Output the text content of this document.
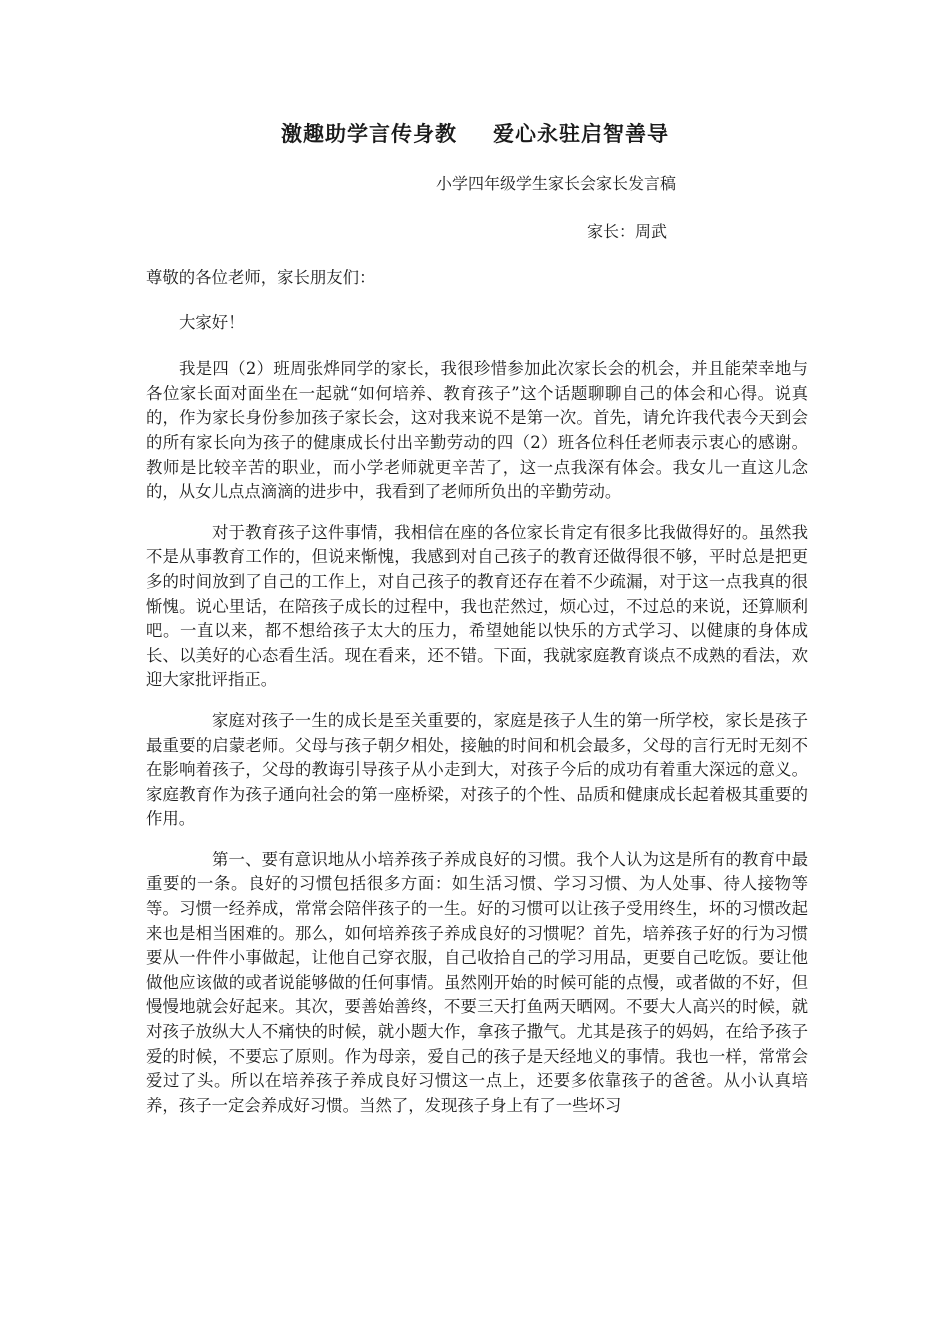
激趣助学言传身教 爱心永驻启智善导

小学四年级学生家长会家长发言稿

家长：周武

尊敬的各位老师，家长朋友们：

大家好！

我是四（2）班周张烨同学的家长，我很珍惜参加此次家长会的机会，并且能荣幸地与各位家长面对面坐在一起就“如何培养、教育孩子”这个话题聊聊自己的体会和心得。说真的，作为家长身份参加孩子家长会，这对我来说不是第一次。首先，请允许我代表今天到会的所有家长向为孩子的健康成长付出辛勤劳动的四（2）班各位科任老师表示衷心的感谢。教师是比较辛苦的职业，而小学老师就更辛苦了，这一点我深有体会。我女儿一直这儿念的，从女儿点点滴滴的进步中，我看到了老师所负出的辛勤劳动。

对于教育孩子这件事情，我相信在座的各位家长肯定有很多比我做得好的。虽然我不是从事教育工作的，但说来惭愧，我感到对自己孩子的教育还做得很不够，平时总是把更多的时间放到了自己的工作上，对自己孩子的教育还存在着不少疏漏，对于这一点我真的很惭愧。说心里话，在陪孩子成长的过程中，我也茫然过，烦心过，不过总的来说，还算顺利吧。一直以来，都不想给孩子太大的压力，希望她能以快乐的方式学习、以健康的身体成长、以美好的心态看生活。现在看来，还不错。下面，我就家庭教育谈点不成熟的看法，欢迎大家批评指正。

家庭对孩子一生的成长是至关重要的，家庭是孩子人生的第一所学校，家长是孩子最重要的启蒙老师。父母与孩子朝夕相处，接触的时间和机会最多，父母的言行无时无刻不在影响着孩子，父母的教诲引导孩子从小走到大，对孩子今后的成功有着重大深远的意义。家庭教育作为孩子通向社会的第一座桥梁，对孩子的个性、品质和健康成长起着极其重要的作用。

第一、要有意识地从小培养孩子养成良好的习惯。我个人认为这是所有的教育中最重要的一条。良好的习惯包括很多方面：如生活习惯、学习习惯、为人处事、待人接物等等。习惯一经养成，常常会陪伴孩子的一生。好的习惯可以让孩子受用终生，坏的习惯改起来也是相当困难的。那么，如何培养孩子养成良好的习惯呢？首先，培养孩子好的行为习惯要从一件件小事做起，让他自己穿衣服，自己收拾自己的学习用品，更要自己吃饭。要让他做他应该做的或者说能够做的任何事情。虽然刚开始的时候可能的点慢，或者做的不好，但慢慢地就会好起来。其次，要善始善终，不要三天打鱼两天晒网。不要大人高兴的时候，就对孩子放纵大人不痛快的时候，就小题大作，拿孩子撒气。尤其是孩子的妈妈，在给予孩子爱的时候，不要忘了原则。作为母亲，爱自己的孩子是天经地义的事情。我也一样，常常会爱过了头。所以在培养孩子养成良好习惯这一点上，还要多依靠孩子的爸爸。从小认真培养，孩子一定会养成好习惯。当然了，发现孩子身上有了一些坏习
